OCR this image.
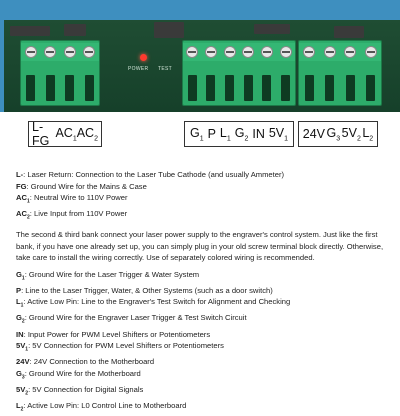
POWER TEST
L-FG
$AC_1$ $AC_2$	$G_1$ P $L_1$ $G_2$ IN $5V_1$ 24V $G_3$ $5V_2$ $L_2$
L-: Laser Return: Connection to the Laser Tube Cathode (and usually Ammeter)
FG: Ground Wire for the Mains & Case
$AC_1$: Neutral Wire to 110V Power
$AC_2$: Live Input from 110V Power
The second & third bank connect your laser power supply to the engraver's control system. Just like the first bank, if you have one already set up, you can simply plug in your old screw terminal block directly. Otherwise, take care to install the wiring correctly. Use of separately colored wiring is recommended.
$G_1$: Ground Wire for the Laser Trigger & Water System
P: Line to the Laser Trigger, Water, & Other Systems (such as a door switch)
$L_1$: Active Low Pin: Line to the Engraver's Test Switch for Alignment and Checking
$G_2$: Ground Wire for the Engraver Laser Trigger & Test Switch Circuit
IN: Input Power for PWM Level Shifters or Potentiometers
$5V_1$: 5V Connection for PWM Level Shifters or Potentiometers
24V: 24V Connection to the Motherboard
$G_3$: Ground Wire for the Motherboard
$5V_2$: 5V Connection for Digital Signals
$L_2$: Active Low Pin: L0 Control Line to Motherboard
